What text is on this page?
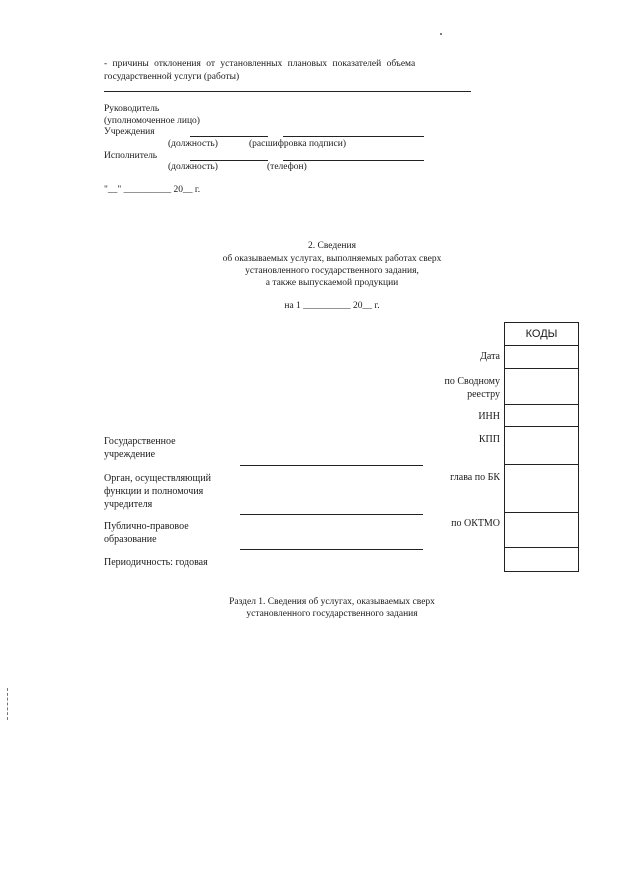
- причины отклонения от установленных плановых показателей объема
государственной услуги (работы)
Руководитель
(уполномоченное лицо)
Учреждения
(должность)	(расшифровка подписи)
Исполнитель
(должность)	(телефон)
"__" __________ 20__ г.
2. Сведения
об оказываемых услугах, выполняемых работах сверх
установленного государственного задания,
а также выпускаемой продукции
на 1 __________ 20__ г.
КОДЫ
Дата
по Сводному
реестру
ИНН
КПП
глава по БК
по ОКТМО
Государственное
учреждение
Орган, осуществляющий
функции и полномочия
учредителя
Публично-правовое
образование
Периодичность: годовая
Раздел 1. Сведения об услугах, оказываемых сверх
установленного государственного задания
